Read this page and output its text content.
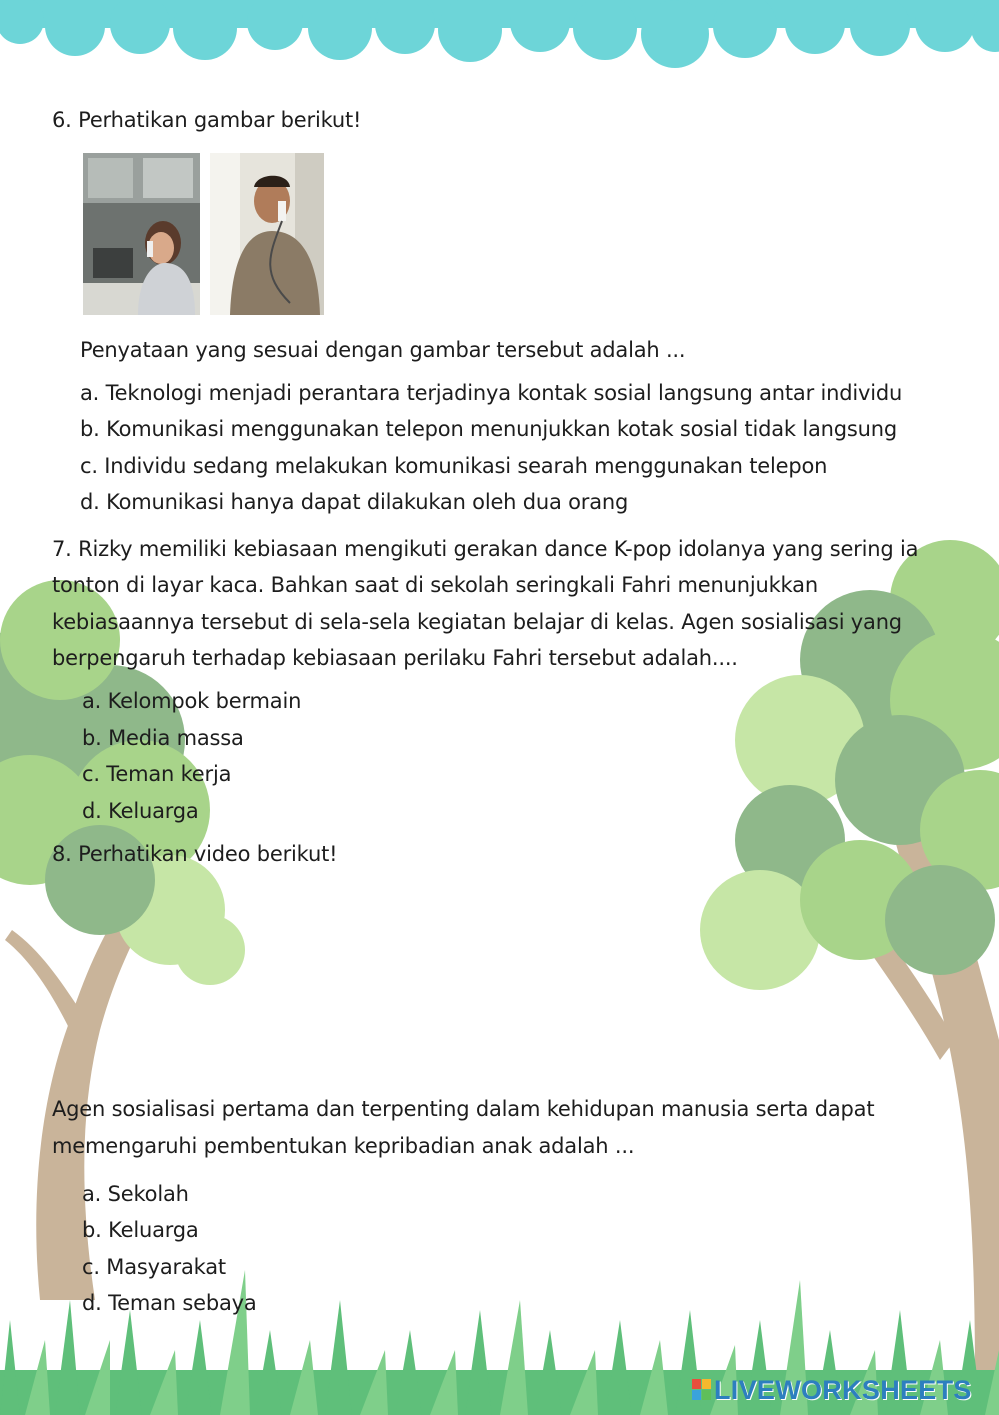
6. Perhatikan gambar berikut!
Penyataan yang sesuai dengan gambar tersebut adalah ...
a. Teknologi menjadi perantara terjadinya kontak sosial langsung antar individu
b. Komunikasi menggunakan telepon menunjukkan kotak sosial tidak langsung
c. Individu sedang melakukan komunikasi searah menggunakan telepon
d. Komunikasi hanya dapat dilakukan oleh dua orang
7. Rizky memiliki kebiasaan mengikuti gerakan dance K-pop idolanya yang sering ia
tonton di layar kaca. Bahkan saat di sekolah seringkali Fahri menunjukkan
kebiasaannya tersebut di sela-sela kegiatan belajar di kelas. Agen sosialisasi yang
berpengaruh terhadap kebiasaan perilaku Fahri tersebut adalah....
a. Kelompok bermain
b. Media massa
c. Teman kerja
d. Keluarga
8. Perhatikan video berikut!
Agen sosialisasi pertama dan terpenting dalam kehidupan manusia serta dapat
memengaruhi pembentukan kepribadian anak adalah ...
a. Sekolah
b. Keluarga
c. Masyarakat
d. Teman sebaya
LIVEWORKSHEETS
